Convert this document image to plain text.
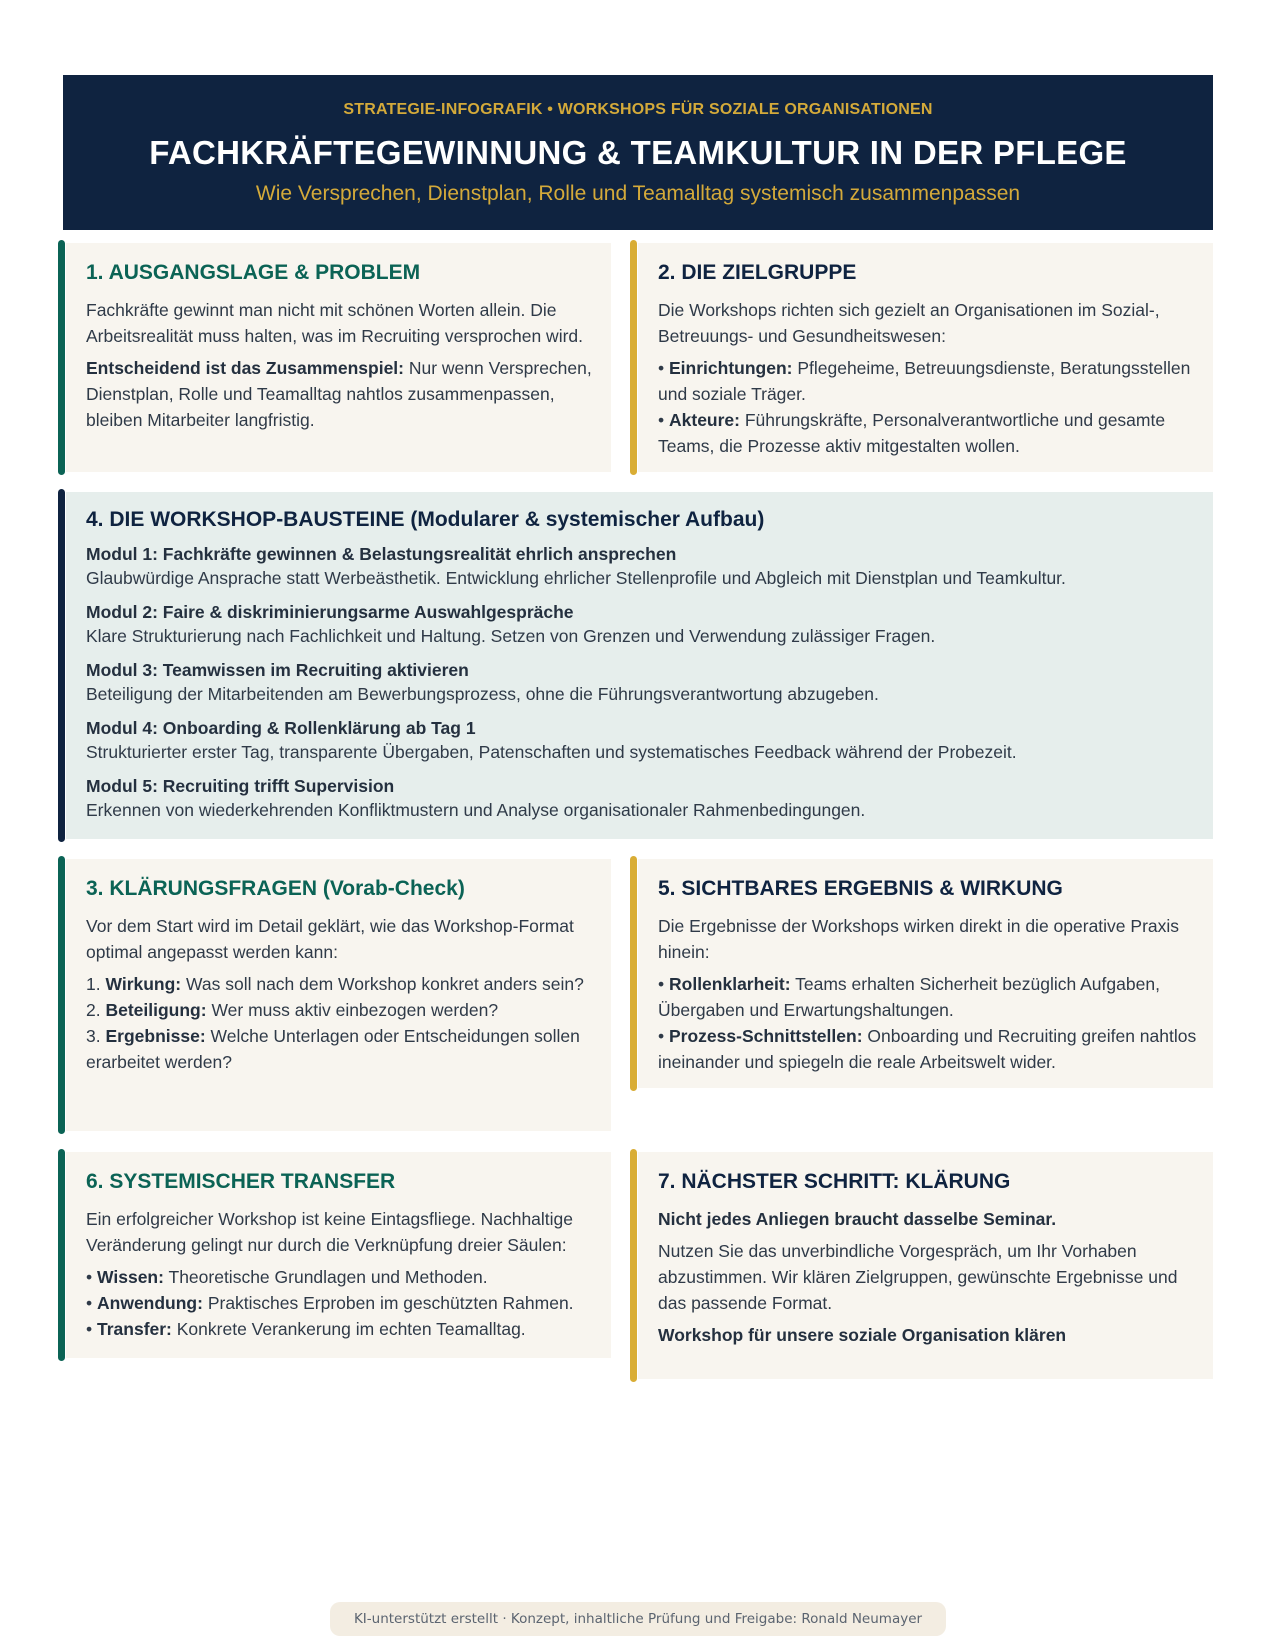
STRATEGIE-INFOGRAFIK • WORKSHOPS FÜR SOZIALE ORGANISATIONEN
FACHKRÄFTEGEWINNUNG & TEAMKULTUR IN DER PFLEGE
Wie Versprechen, Dienstplan, Rolle und Teamalltag systemisch zusammenpassen
1. AUSGANGSLAGE & PROBLEM
Fachkräfte gewinnt man nicht mit schönen Worten allein. Die Arbeitsrealität muss halten, was im Recruiting versprochen wird.
Entscheidend ist das Zusammenspiel: Nur wenn Versprechen, Dienstplan, Rolle und Teamalltag nahtlos zusammenpassen, bleiben Mitarbeiter langfristig.
2. DIE ZIELGRUPPE
Die Workshops richten sich gezielt an Organisationen im Sozial-, Betreuungs- und Gesundheitswesen:
• Einrichtungen: Pflegeheime, Betreuungsdienste, Beratungsstellen und soziale Träger.
• Akteure: Führungskräfte, Personalverantwortliche und gesamte Teams, die Prozesse aktiv mitgestalten wollen.
4. DIE WORKSHOP-BAUSTEINE (Modularer & systemischer Aufbau)
Modul 1: Fachkräfte gewinnen & Belastungsrealität ehrlich ansprechen
Glaubwürdige Ansprache statt Werbeästhetik. Entwicklung ehrlicher Stellenprofile und Abgleich mit Dienstplan und Teamkultur.
Modul 2: Faire & diskriminierungsarme Auswahlgespräche
Klare Strukturierung nach Fachlichkeit und Haltung. Setzen von Grenzen und Verwendung zulässiger Fragen.
Modul 3: Teamwissen im Recruiting aktivieren
Beteiligung der Mitarbeitenden am Bewerbungsprozess, ohne die Führungsverantwortung abzugeben.
Modul 4: Onboarding & Rollenklärung ab Tag 1
Strukturierter erster Tag, transparente Übergaben, Patenschaften und systematisches Feedback während der Probezeit.
Modul 5: Recruiting trifft Supervision
Erkennen von wiederkehrenden Konfliktmustern und Analyse organisationaler Rahmenbedingungen.
3. KLÄRUNGSFRAGEN (Vorab-Check)
Vor dem Start wird im Detail geklärt, wie das Workshop-Format optimal angepasst werden kann:
1. Wirkung: Was soll nach dem Workshop konkret anders sein?
2. Beteiligung: Wer muss aktiv einbezogen werden?
3. Ergebnisse: Welche Unterlagen oder Entscheidungen sollen erarbeitet werden?
5. SICHTBARES ERGEBNIS & WIRKUNG
Die Ergebnisse der Workshops wirken direkt in die operative Praxis hinein:
• Rollenklarheit: Teams erhalten Sicherheit bezüglich Aufgaben, Übergaben und Erwartungshaltungen.
• Prozess-Schnittstellen: Onboarding und Recruiting greifen nahtlos ineinander und spiegeln die reale Arbeitswelt wider.
6. SYSTEMISCHER TRANSFER
Ein erfolgreicher Workshop ist keine Eintagsfliege. Nachhaltige Veränderung gelingt nur durch die Verknüpfung dreier Säulen:
• Wissen: Theoretische Grundlagen und Methoden.
• Anwendung: Praktisches Erproben im geschützten Rahmen.
• Transfer: Konkrete Verankerung im echten Teamalltag.
7. NÄCHSTER SCHRITT: KLÄRUNG
Nicht jedes Anliegen braucht dasselbe Seminar.
Nutzen Sie das unverbindliche Vorgespräch, um Ihr Vorhaben abzustimmen. Wir klären Zielgruppen, gewünschte Ergebnisse und das passende Format.
Workshop für unsere soziale Organisation klären
KI-unterstützt erstellt · Konzept, inhaltliche Prüfung und Freigabe: Ronald Neumayer
